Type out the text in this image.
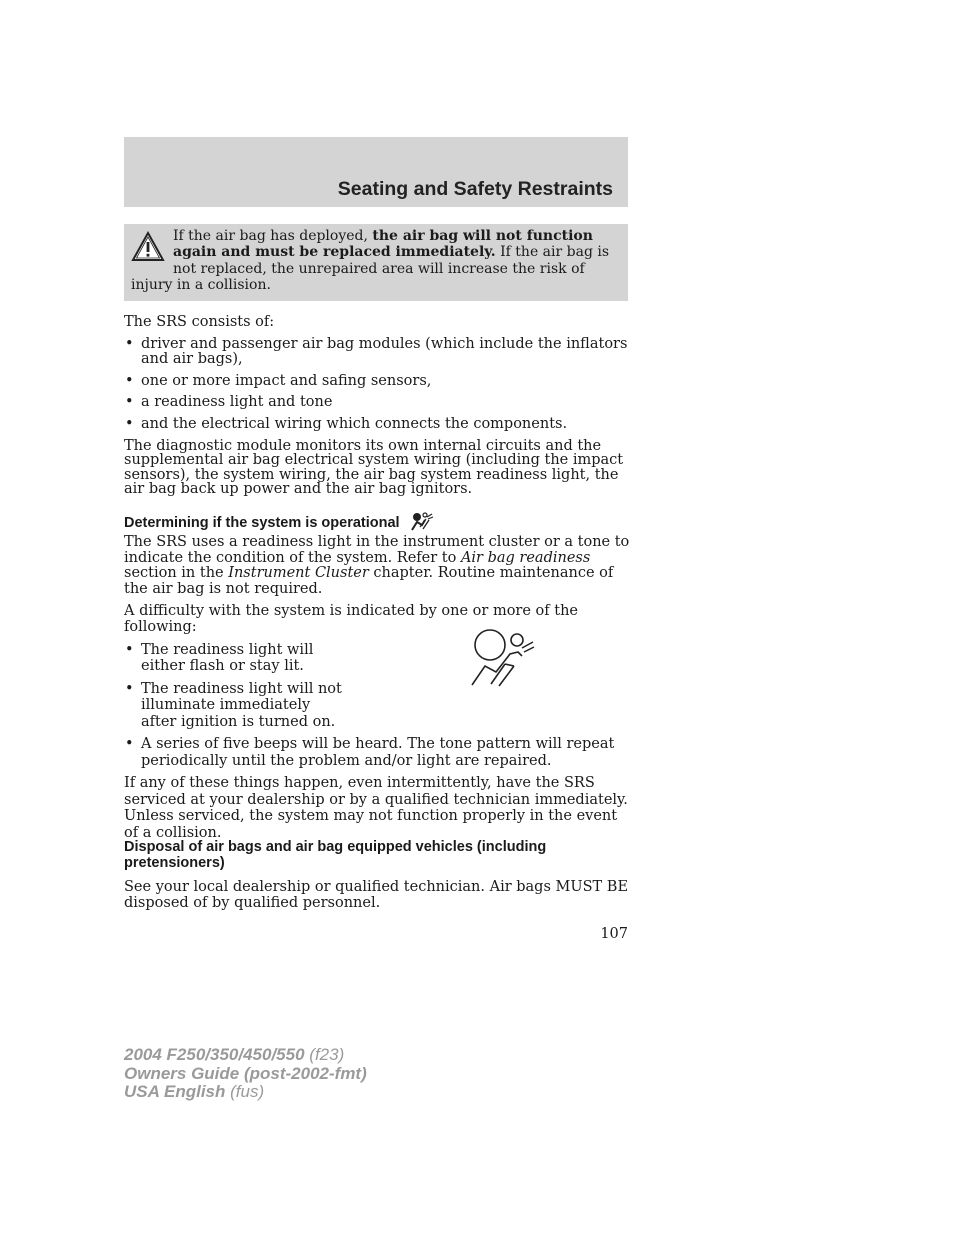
Seating and Safety Restraints
If the air bag has deployed, the air bag will not function again and must be replaced immediately. If the air bag is not replaced, the unrepaired area will increase the risk of injury in a collision.

The SRS consists of:

• driver and passenger air bag modules (which include the inflators and air bags),

• one or more impact and safing sensors,

• a readiness light and tone

• and the electrical wiring which connects the components.

The diagnostic module monitors its own internal circuits and the supplemental air bag electrical system wiring (including the impact sensors), the system wiring, the air bag system readiness light, the air bag back up power and the air bag ignitors.

Determining if the system is operational

The SRS uses a readiness light in the instrument cluster or a tone to indicate the condition of the system. Refer to Air bag readiness section in the Instrument Cluster chapter. Routine maintenance of the air bag is not required.

A difficulty with the system is indicated by one or more of the following:

• The readiness light will either flash or stay lit.

• The readiness light will not illuminate immediately after ignition is turned on.

• A series of five beeps will be heard. The tone pattern will repeat periodically until the problem and/or light are repaired.

If any of these things happen, even intermittently, have the SRS serviced at your dealership or by a qualified technician immediately. Unless serviced, the system may not function properly in the event of a collision.

Disposal of air bags and air bag equipped vehicles (including pretensioners)

See your local dealership or qualified technician. Air bags MUST BE disposed of by qualified personnel.

107
2004 F250/350/450/550 (f23)
Owners Guide (post-2002-fmt)
USA English (fus)
